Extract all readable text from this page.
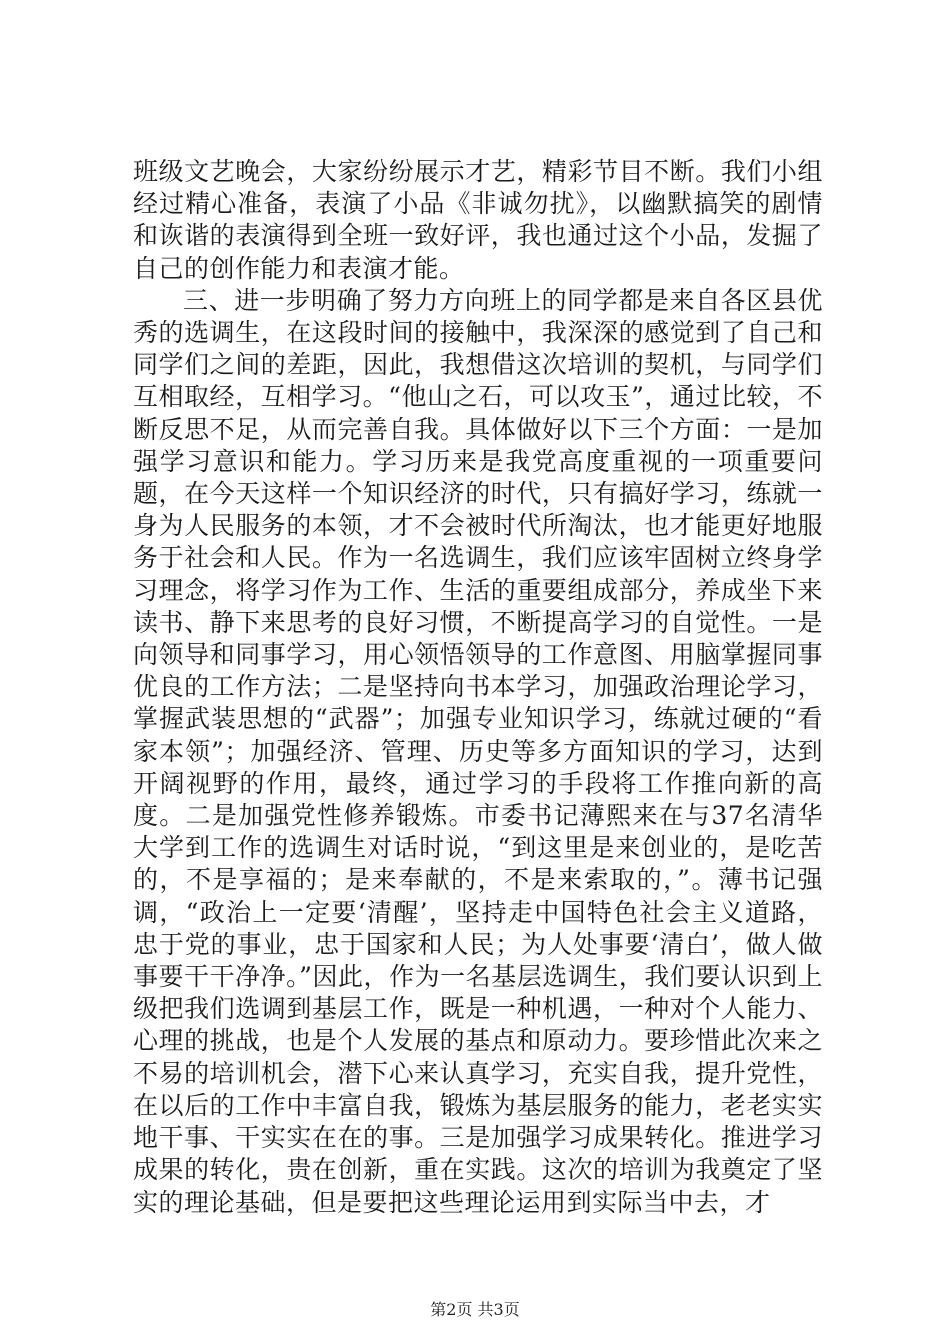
班级文艺晚会，大家纷纷展示才艺，精彩节目不断。我们小组经过精心准备，表演了小品《非诚勿扰》，以幽默搞笑的剧情和诙谐的表演得到全班一致好评，我也通过这个小品，发掘了自己的创作能力和表演才能。

三、进一步明确了努力方向班上的同学都是来自各区县优秀的选调生，在这段时间的接触中，我深深的感觉到了自己和同学们之间的差距，因此，我想借这次培训的契机，与同学们互相取经，互相学习。“他山之石，可以攻玉”，通过比较，不断反思不足，从而完善自我。具体做好以下三个方面：一是加强学习意识和能力。学习历来是我党高度重视的一项重要问题，在今天这样一个知识经济的时代，只有搞好学习，练就一身为人民服务的本领，才不会被时代所淘汰，也才能更好地服务于社会和人民。作为一名选调生，我们应该牢固树立终身学习理念，将学习作为工作、生活的重要组成部分，养成坐下来读书、静下来思考的良好习惯，不断提高学习的自觉性。一是向领导和同事学习，用心领悟领导的工作意图、用脑掌握同事优良的工作方法；二是坚持向书本学习，加强政治理论学习，掌握武装思想的“武器”；加强专业知识学习，练就过硬的“看家本领”；加强经济、管理、历史等多方面知识的学习，达到开阔视野的作用，最终，通过学习的手段将工作推向新的高度。二是加强党性修养锻炼。市委书记薄熙来在与37名清华大学到工作的选调生对话时说，“到这里是来创业的，是吃苦的，不是享福的；是来奉献的，不是来索取的，”。薄书记强调，“政治上一定要‘清醒’，坚持走中国特色社会主义道路，忠于党的事业，忠于国家和人民；为人处事要‘清白’，做人做事要干干净净。”因此，作为一名基层选调生，我们要认识到上级把我们选调到基层工作，既是一种机遇，一种对个人能力、心理的挑战，也是个人发展的基点和原动力。要珍惜此次来之不易的培训机会，潜下心来认真学习，充实自我，提升党性，在以后的工作中丰富自我，锻炼为基层服务的能力，老老实实地干事、干实实在在的事。三是加强学习成果转化。推进学习成果的转化，贵在创新，重在实践。这次的培训为我奠定了坚实的理论基础，但是要把这些理论运用到实际当中去，才

第2页 共3页
